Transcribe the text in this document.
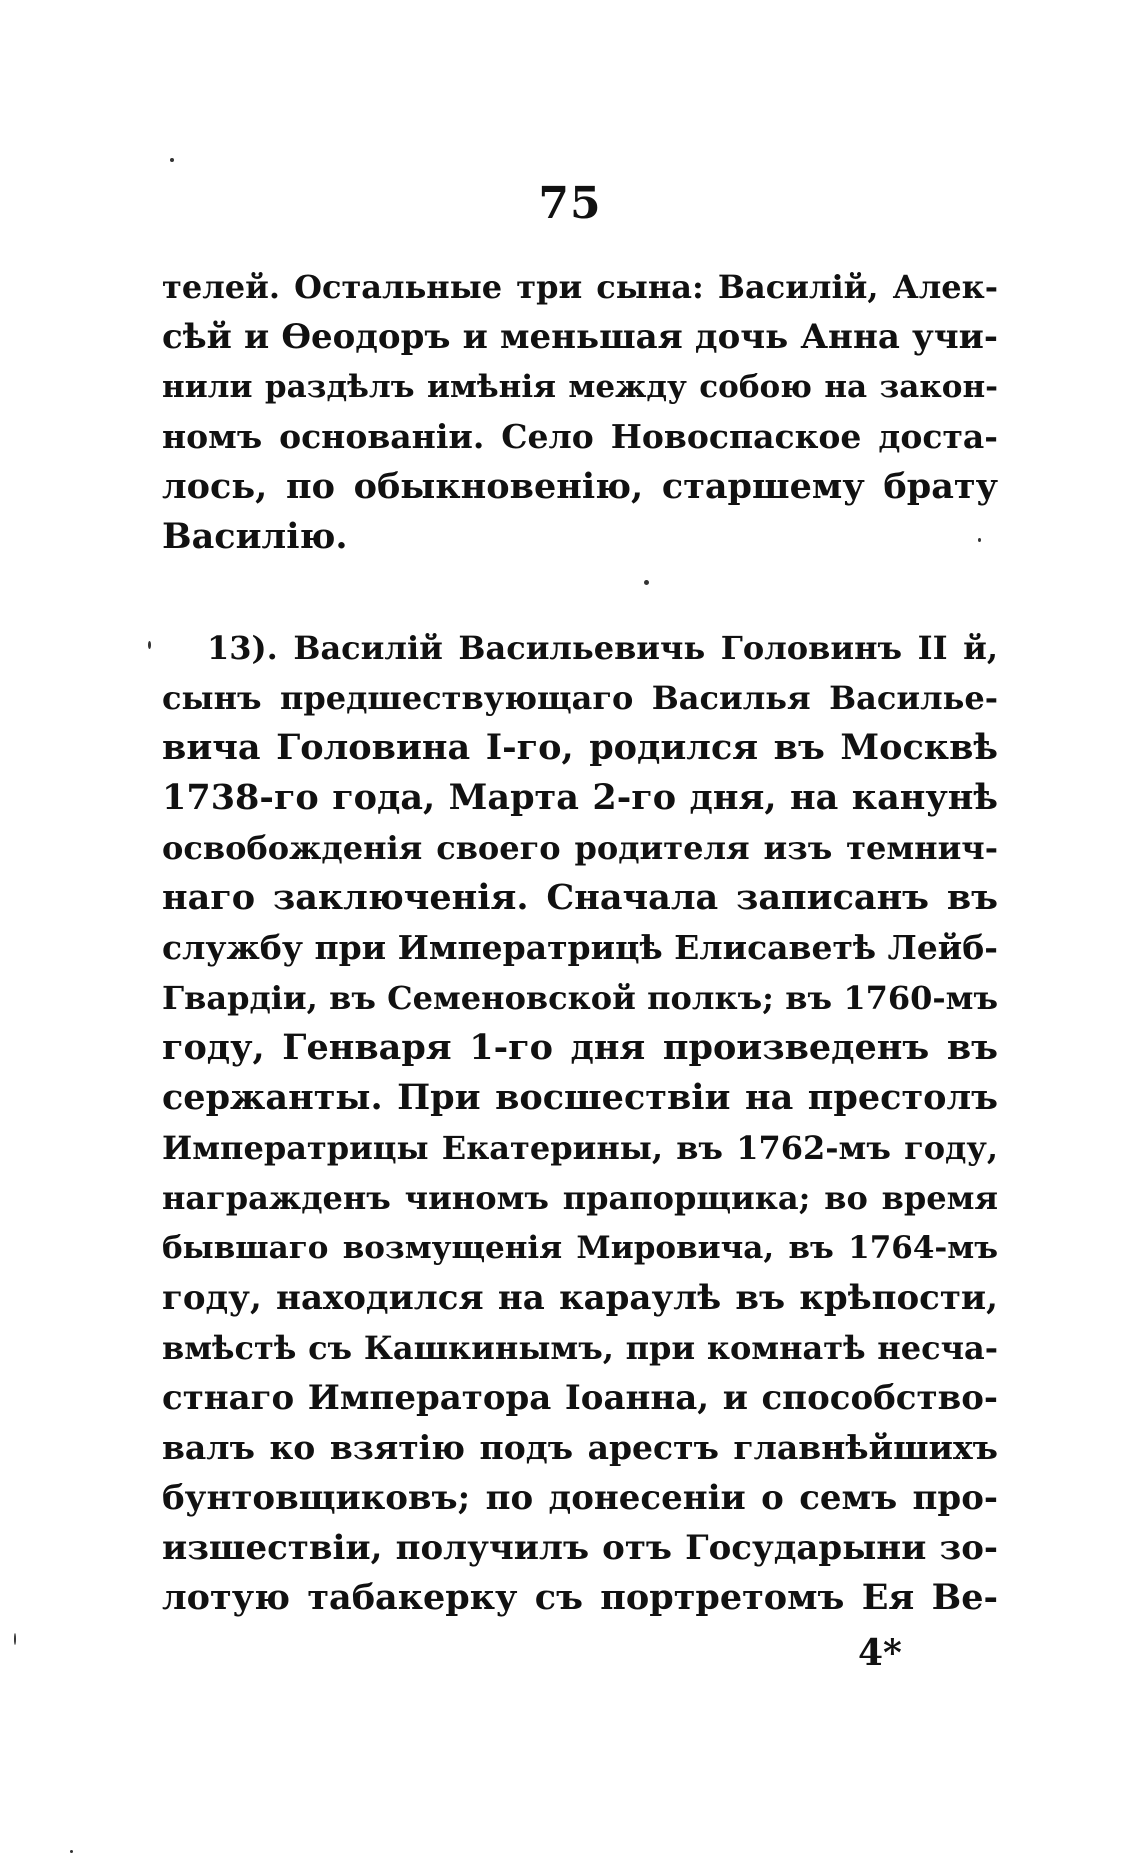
75
телей. Остальные три сына: Василій, Алек-
сѣй и Ѳеодоръ и меньшая дочь Анна учи-
нили раздѣлъ имѣнія между собою на закон-
номъ основаніи. Село Новоспаское доста-
лось, по обыкновенію, старшему брату
Василію.
13). Василій Васильевичь Головинъ II й,
сынъ предшествующаго Василья Василье-
вича Головина I-го, родился въ Москвѣ
1738-го года, Марта 2-го дня, на канунѣ
освобожденія своего родителя изъ темнич-
наго заключенія. Сначала записанъ въ
службу при Императрицѣ Елисаветѣ Лейб-
Гвардіи, въ Семеновской полкъ; въ 1760-мъ
году, Генваря 1-го дня произведенъ въ
сержанты. При восшествіи на престолъ
Императрицы Екатерины, въ 1762-мъ году,
награжденъ чиномъ прапорщика; во время
бывшаго возмущенія Мировича, въ 1764-мъ
году, находился на карaулѣ въ крѣпости,
вмѣстѣ съ Кашкинымъ, при комнатѣ несча-
стнаго Императора Іоанна, и способство-
валъ ко взятію подъ арестъ главнѣйшихъ
бунтовщиковъ; по донесеніи о семъ про-
изшествіи, получилъ отъ Государыни зо-
лотую табакерку съ портретомъ Ея Ве-
4*
